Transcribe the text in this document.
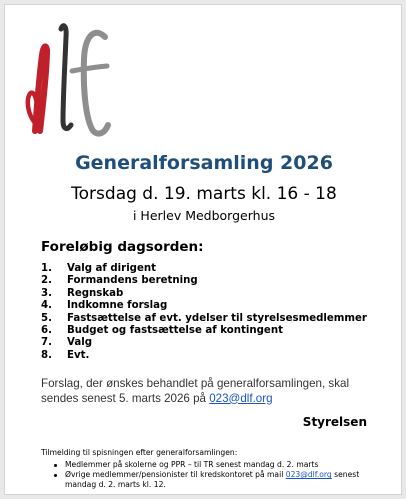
Generalforsamling 2026
Torsdag d. 19. marts kl. 16 - 18
i Herlev Medborgerhus
Foreløbig dagsorden:
1.	Valg af dirigent
2.	Formandens beretning
3.	Regnskab
4.	Indkomne forslag
5.	Fastsættelse af evt. ydelser til styrelsesmedlemmer
6.	Budget og fastsættelse af kontingent
7.	Valg
8.	Evt.

Forslag, der ønskes behandlet på generalforsamlingen, skal sendes senest 5. marts 2026 på 023@dlf.org

Styrelsen
Tilmelding til spisningen efter generalforsamlingen:
Medlemmer på skolerne og PPR – til TR senest mandag d. 2. marts
Øvrige medlemmer/pensionister til kredskontoret på mail 023@dlf.org senest mandag d. 2. marts kl. 12.
